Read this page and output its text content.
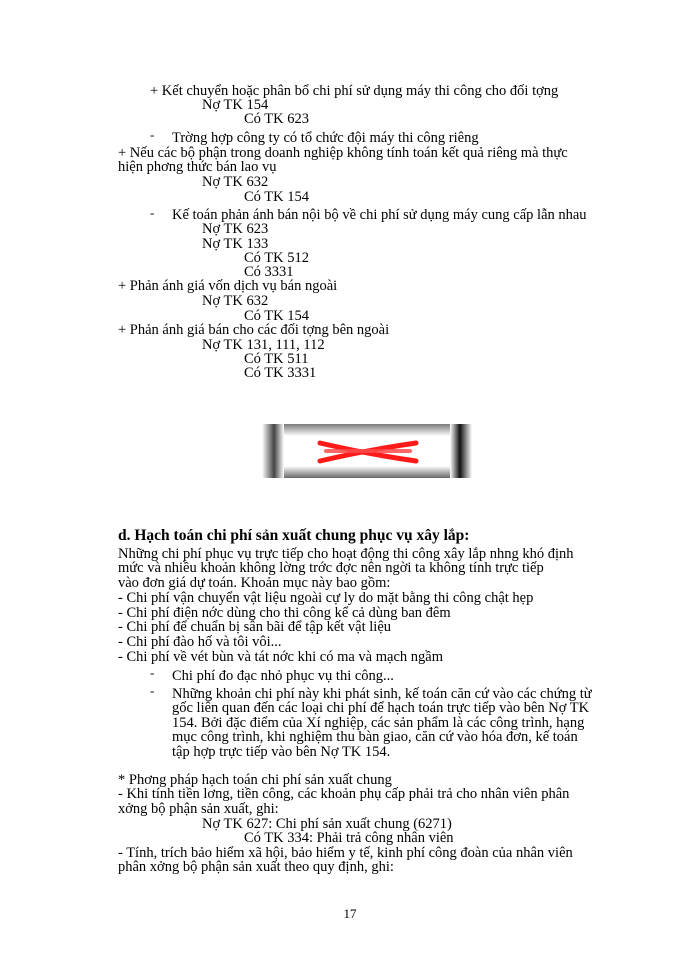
+ Kết chuyển hoặc phân bổ chi phí sử dụng máy thi công cho đối tợng
Nợ TK 154
Có TK 623
- Trờng hợp công ty có tổ chức đội máy thi công riêng
+ Nếu các bộ phận trong doanh nghiệp không tính toán kết quả riêng mà thực
hiện phơng thức bán lao vụ
Nợ TK 632
Có TK 154
- Kế toán phản ánh bán nội bộ về chi phí sử dụng máy cung cấp lẫn nhau
Nợ TK 623
Nợ TK 133
Có TK 512
Có 3331
+ Phản ánh giá vốn dịch vụ bán ngoài
Nợ TK 632
Có TK 154
+ Phản ánh giá bán cho các đối tợng bên ngoài
Nợ TK 131, 111, 112
Có TK 511
Có TK 3331
d. Hạch toán chi phí sản xuất chung phục vụ xây lắp:
Những chi phí phục vụ trực tiếp cho hoạt động thi công xây lắp nhng khó định
mức và nhiều khoản không lờng trớc đợc nên ngời ta không tính trực tiếp
vào đơn giá dự toán. Khoản mục này bao gồm:
- Chi phí vận chuyển vật liệu ngoài cự ly do mặt bằng thi công chật hẹp
- Chi phí điện nớc dùng cho thi công kể cả dùng ban đêm
- Chi phí để chuẩn bị sân bãi để tập kết vật liệu
- Chi phí đào hố và tôi vôi...
- Chi phí về vét bùn và tát nớc khi có ma và mạch ngầm
- Chi phí đo đạc nhỏ phục vụ thi công...
- Những khoản chi phí này khi phát sinh, kế toán căn cứ vào các chứng từ
gốc liên quan đến các loại chi phí để hạch toán trực tiếp vào bên Nợ TK
154. Bởi đặc điểm của Xí nghiệp, các sản phẩm là các công trình, hạng
mục công trình, khi nghiệm thu bàn giao, căn cứ vào hóa đơn, kế toán
tập hợp trực tiếp vào bên Nợ TK 154.
* Phơng pháp hạch toán chi phí sản xuất chung
- Khi tính tiền lơng, tiền công, các khoản phụ cấp phải trả cho nhân viên phân
xởng bộ phận sản xuất, ghi:
Nợ TK 627: Chi phí sản xuất chung (6271)
Có TK 334: Phải trả công nhân viên
- Tính, trích bảo hiểm xã hội, bảo hiểm y tế, kinh phí công đoàn của nhân viên
phân xởng bộ phận sản xuất theo quy định, ghi:
17
